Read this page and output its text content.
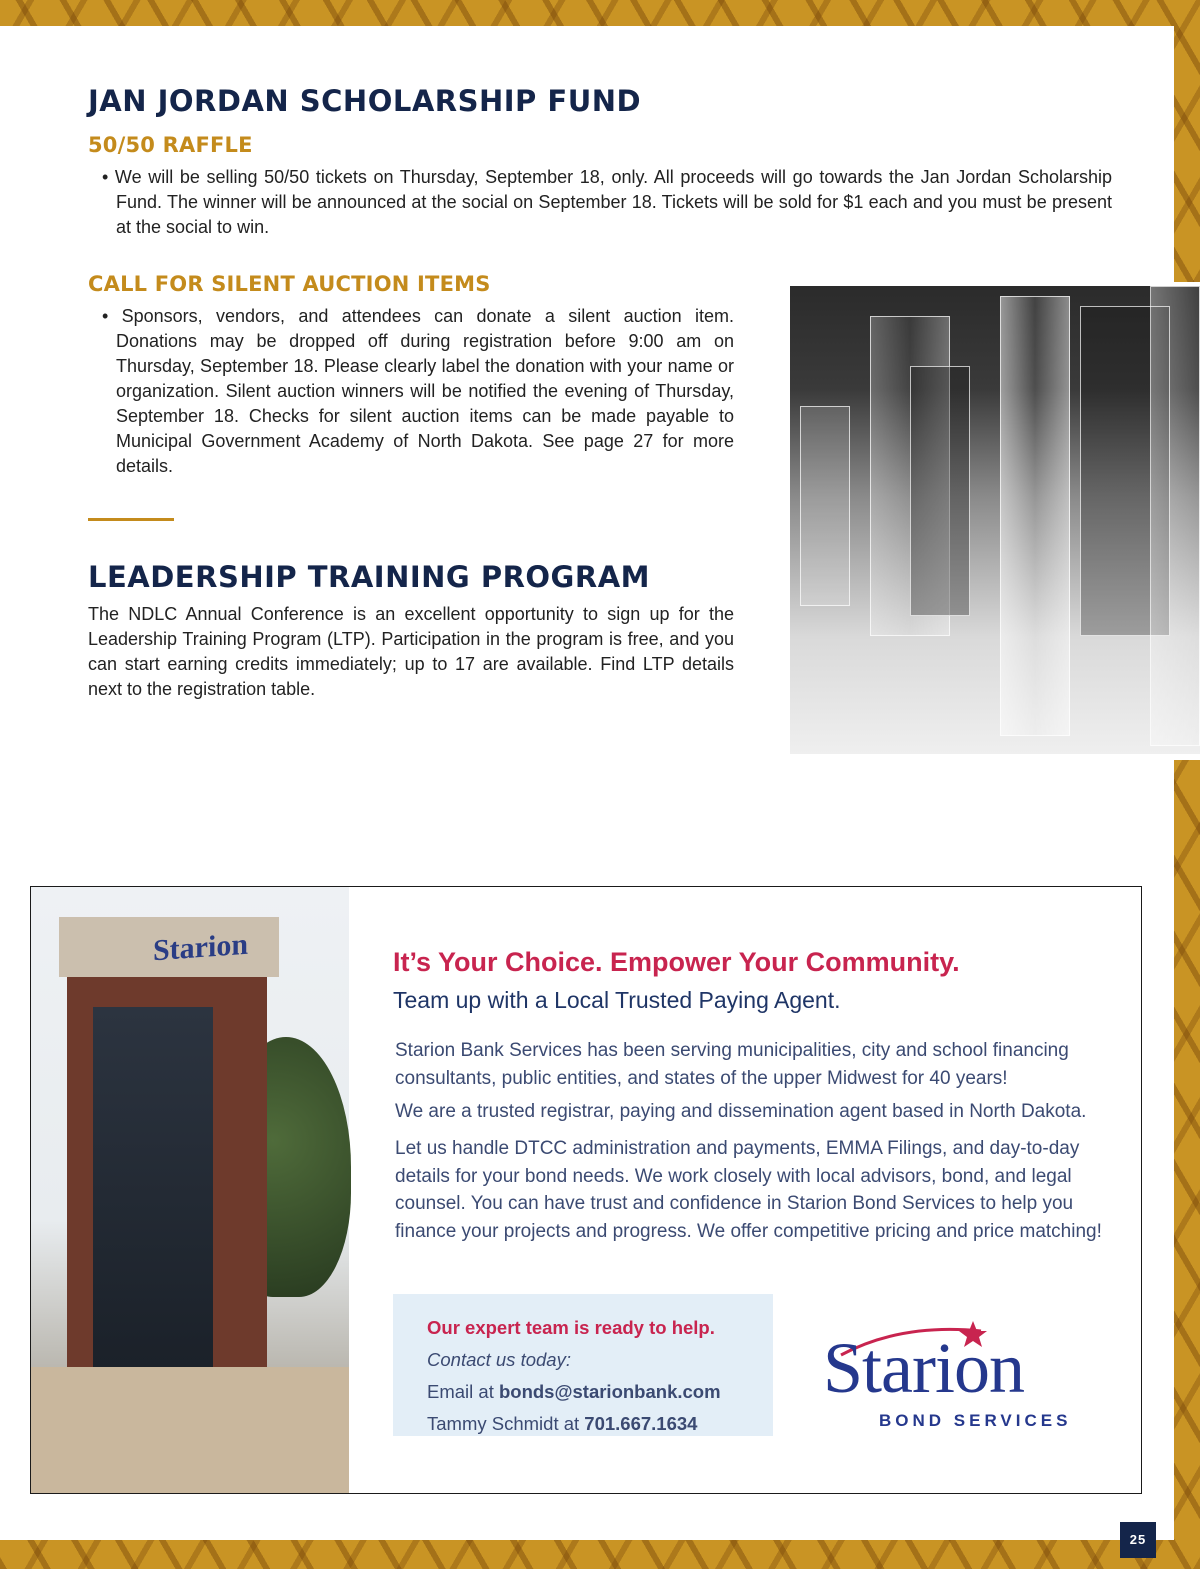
JAN JORDAN SCHOLARSHIP FUND
50/50 RAFFLE

• We will be selling 50/50 tickets on Thursday, September 18, only. All proceeds will go towards the Jan Jordan Scholarship Fund. The winner will be announced at the social on September 18. Tickets will be sold for $1 each and you must be present at the social to win.

CALL FOR SILENT AUCTION ITEMS

• Sponsors, vendors, and attendees can donate a silent auction item. Donations may be dropped off during registration before 9:00 am on Thursday, September 18. Please clearly label the donation with your name or organization. Silent auction winners will be notified the evening of Thursday, September 18. Checks for silent auction items can be made payable to Municipal Government Academy of North Dakota. See page 27 for more details.

LEADERSHIP TRAINING PROGRAM

The NDLC Annual Conference is an excellent opportunity to sign up for the Leadership Training Program (LTP). Participation in the program is free, and you can start earning credits immediately; up to 17 are available. Find LTP details next to the registration table.

Starion	It’s Your Choice. Empower Your Community.
Team up with a Local Trusted Paying Agent.

Starion Bank Services has been serving municipalities, city and school financing consultants, public entities, and states of the upper Midwest for 40 years!

We are a trusted registrar, paying and dissemination agent based in North Dakota.

Let us handle DTCC administration and payments, EMMA Filings, and day-to-day details for your bond needs. We work closely with local advisors, bond, and legal counsel. You can have trust and confidence in Starion Bond Services to help you finance your projects and progress. We offer competitive pricing and price matching!

Our expert team is ready to help.
Contact us today:
Email at bonds@starionbank.com
Tammy Schmidt at 701.667.1634
Starion
BOND SERVICES
25
